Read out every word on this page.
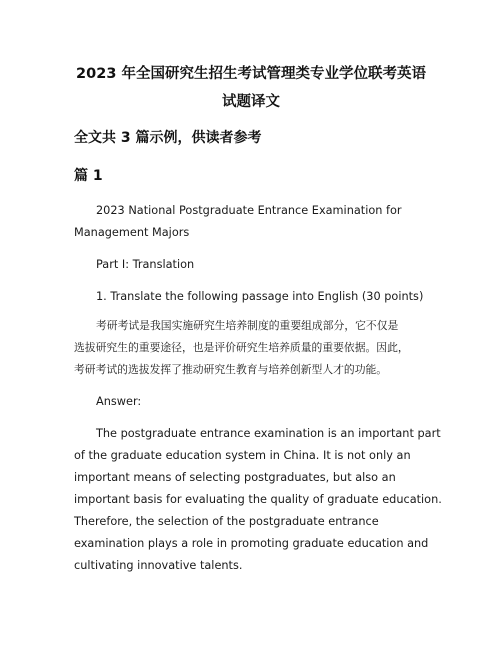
2023 年全国研究生招生考试管理类专业学位联考英语
试题译文
全文共 3 篇示例，供读者参考
篇 1
2023 National Postgraduate Entrance Examination for
Management Majors
Part I: Translation
1. Translate the following passage into English (30 points)
考研考试是我国实施研究生培养制度的重要组成部分，它不仅是
选拔研究生的重要途径，也是评价研究生培养质量的重要依据。因此，
考研考试的选拔发挥了推动研究生教育与培养创新型人才的功能。
Answer:
The postgraduate entrance examination is an important part
of the graduate education system in China. It is not only an
important means of selecting postgraduates, but also an
important basis for evaluating the quality of graduate education.
Therefore, the selection of the postgraduate entrance
examination plays a role in promoting graduate education and
cultivating innovative talents.
